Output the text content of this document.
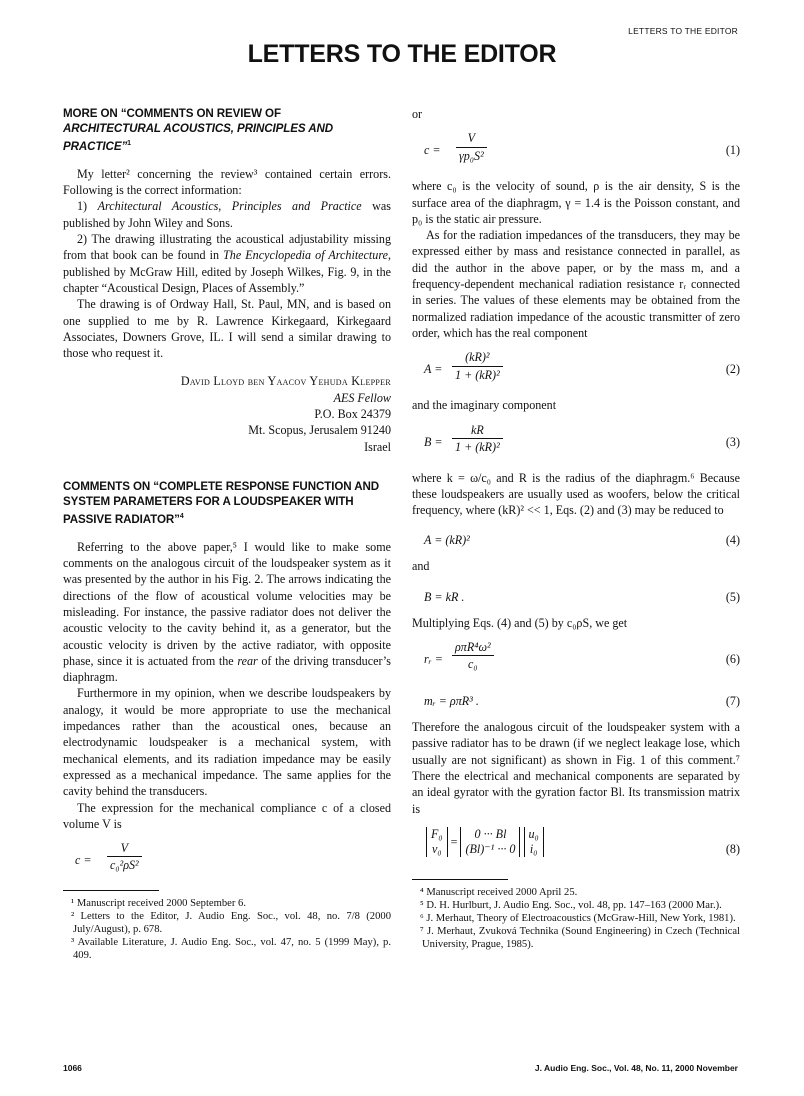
LETTERS TO THE EDITOR
LETTERS TO THE EDITOR
MORE ON “COMMENTS ON REVIEW OF
ARCHITECTURAL ACOUSTICS, PRINCIPLES AND PRACTICE”$^1$

My letter² concerning the review³ contained certain errors. Following is the correct information:

1) Architectural Acoustics, Principles and Practice was published by John Wiley and Sons.

2) The drawing illustrating the acoustical adjustability missing from that book can be found in The Encyclopedia of Architecture, published by McGraw Hill, edited by Joseph Wilkes, Fig. 9, in the chapter “Acoustical Design, Places of Assembly.”

The drawing is of Ordway Hall, St. Paul, MN, and is based on one supplied to me by R. Lawrence Kirkegaard, Kirkegaard Associates, Downers Grove, IL. I will send a similar drawing to those who request it.

David Lloyd ben Yaacov Yehuda Klepper
AES Fellow
P.O. Box 24379
Mt. Scopus, Jerusalem 91240
Israel
COMMENTS ON “COMPLETE RESPONSE FUNCTION AND SYSTEM PARAMETERS FOR A LOUDSPEAKER WITH PASSIVE RADIATOR”$^4$

Referring to the above paper,⁵ I would like to make some comments on the analogous circuit of the loudspeaker system as it was presented by the author in his Fig. 2. The arrows indicating the directions of the flow of acoustical volume velocities may be misleading. For instance, the passive radiator does not deliver the acoustic velocity to the cavity behind it, as a generator, but the acoustic velocity is driven by the active radiator, with opposite phase, since it is actuated from the rear of the driving transducer’s diaphragm.

Furthermore in my opinion, when we describe loudspeakers by analogy, it would be more appropriate to use the mechanical impedances rather than the acoustical ones, because an electrodynamic loudspeaker is a mechanical system, with mechanical elements, and its radiation impedance may be easily expressed as a mechanical impedance. The same applies for the cavity behind the transducers.

The expression for the mechanical compliance c of a closed volume V is

$c = \frac{V}{\text{c₀²ρS²}}$

¹ Manuscript received 2000 September 6.

² Letters to the Editor, J. Audio Eng. Soc., vol. 48, no. 7/8 (2000 July/August), p. 678.

³ Available Literature, J. Audio Eng. Soc., vol. 47, no. 5 (1999 May), p. 409.

or

$c = \frac{V}{\text{γp₀S²}}$	(1)

where c₀ is the velocity of sound, ρ is the air density, S is the surface area of the diaphragm, γ = 1.4 is the Poisson constant, and p₀ is the static air pressure.

As for the radiation impedances of the transducers, they may be expressed either by mass and resistance connected in parallel, as did the author in the above paper, or by the mass m, and a frequency-dependent mechanical radiation resistance rᵣ connected in series. The values of these elements may be obtained from the normalized radiation impedance of the acoustic transmitter of zero order, which has the real component

$A = \frac{\text{(kR)²}}{\text{1 + (kR)²}}$	(2)

and the imaginary component

$B = \frac{kR}{\text{1 + (kR)²}}$	(3)

where k = ω/c₀ and R is the radius of the diaphragm.⁶ Because these loudspeakers are usually used as woofers, below the critical frequency, where (kR)² << 1, Eqs. (2) and (3) may be reduced to

A = (kR)²	(4)

and

B = kR .	(5)

Multiplying Eqs. (4) and (5) by c₀ρS, we get

rᵣ =
ρπR⁴ω²
c₀	(6)
mᵣ = ρπR³ .	(7)

Therefore the analogous circuit of the loudspeaker system with a passive radiator has to be drawn (if we neglect leakage lose, which usually are not significant) as shown in Fig. 1 of this comment.⁷ There the electrical and mechanical components are separated by an ideal gyrator with the gyration factor Bl. Its transmission matrix is

F₀
v₀ = 0 ··· Bl
(Bl)⁻¹ ··· 0 u₀
i₀	(8)

⁴ Manuscript received 2000 April 25.

⁵ D. H. Hurlburt, J. Audio Eng. Soc., vol. 48, pp. 147–163 (2000 Mar.).

⁶ J. Merhaut, Theory of Electroacoustics (McGraw-Hill, New York, 1981).

⁷ J. Merhaut, Zvuková Technika (Sound Engineering) in Czech (Technical University, Prague, 1985).

1066	J. Audio Eng. Soc., Vol. 48, No. 11, 2000 November
